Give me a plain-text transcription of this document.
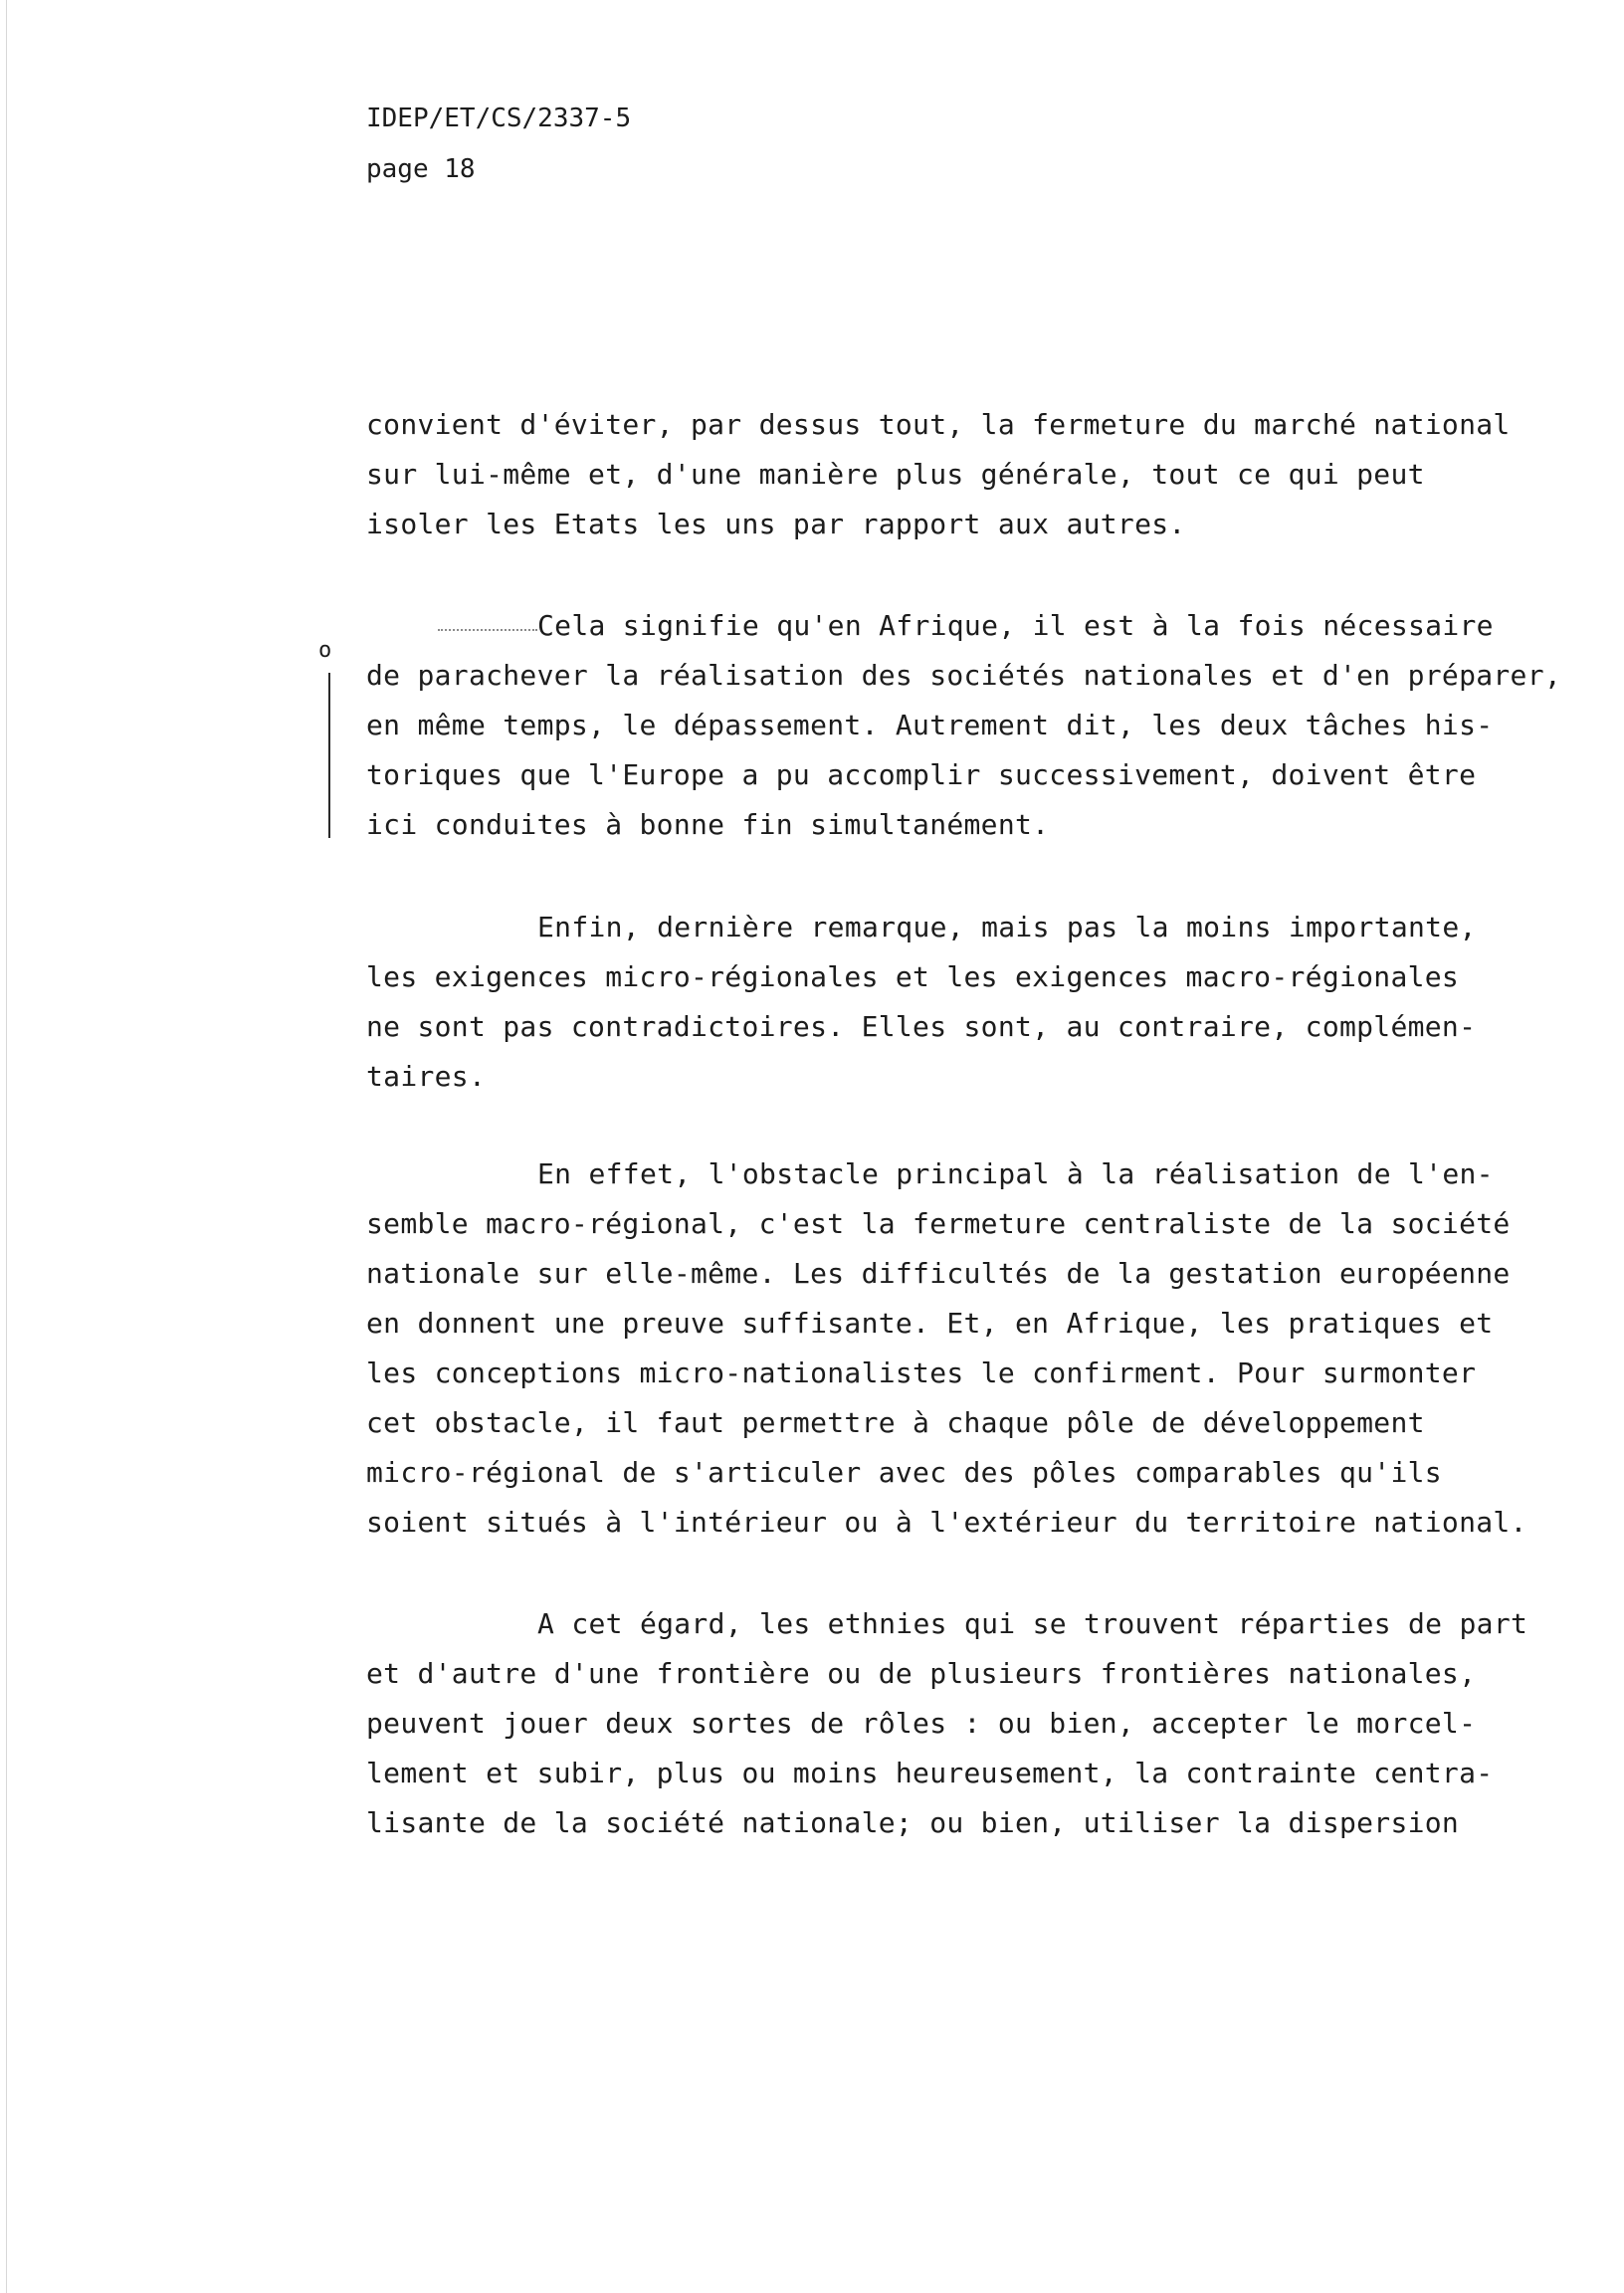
IDEP/ET/CS/2337-5
page 18
convient d'éviter, par dessus tout, la fermeture du marché national
sur lui-même et, d'une manière plus générale, tout ce qui peut
isoler les Etats les uns par rapport aux autres.
o
Cela signifie qu'en Afrique, il est à la fois nécessaire
de parachever la réalisation des sociétés nationales et d'en préparer,
en même temps, le dépassement. Autrement dit, les deux tâches his-
toriques que l'Europe a pu accomplir successivement, doivent être
ici conduites à bonne fin simultanément.
Enfin, dernière remarque, mais pas la moins importante,
les exigences micro-régionales et les exigences macro-régionales
ne sont pas contradictoires. Elles sont, au contraire, complémen-
taires.
En effet, l'obstacle principal à la réalisation de l'en-
semble macro-régional, c'est la fermeture centraliste de la société
nationale sur elle-même. Les difficultés de la gestation européenne
en donnent une preuve suffisante. Et, en Afrique, les pratiques et
les conceptions micro-nationalistes le confirment. Pour surmonter
cet obstacle, il faut permettre à chaque pôle de développement
micro-régional de s'articuler avec des pôles comparables qu'ils
soient situés à l'intérieur ou à l'extérieur du territoire national.
A cet égard, les ethnies qui se trouvent réparties de part
et d'autre d'une frontière ou de plusieurs frontières nationales,
peuvent jouer deux sortes de rôles : ou bien, accepter le morcel-
lement et subir, plus ou moins heureusement, la contrainte centra-
lisante de la société nationale; ou bien, utiliser la dispersion
